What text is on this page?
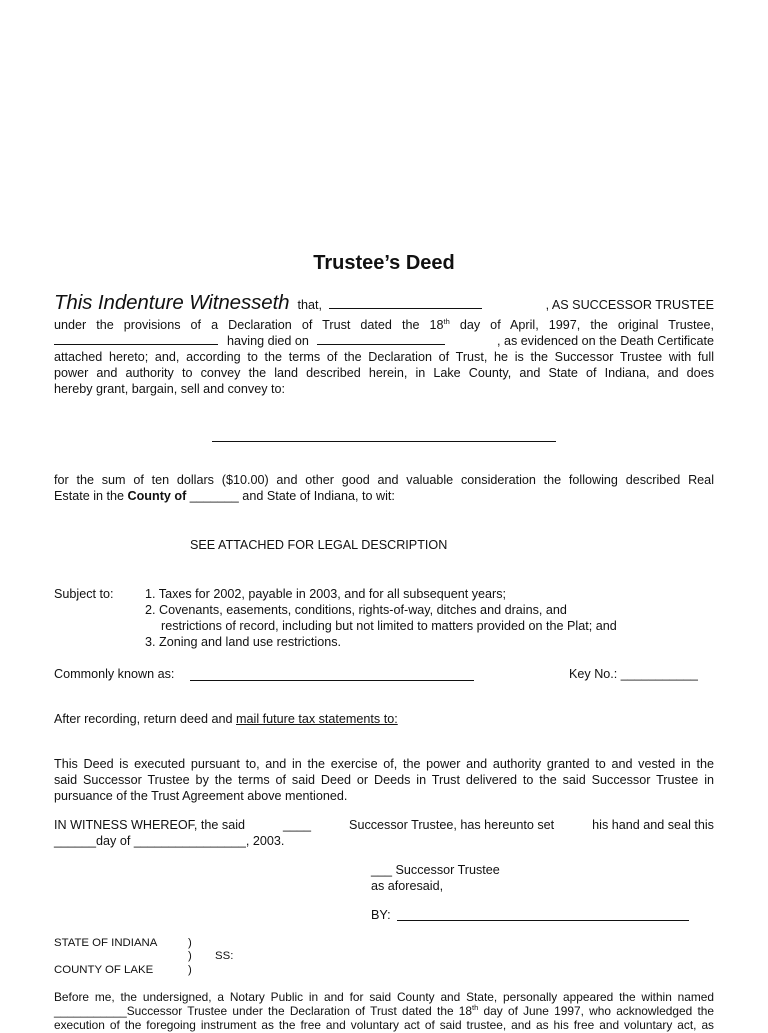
Trustee’s Deed
This Indenture Witnesseth that,	, AS SUCCESSOR TRUSTEE
under the provisions of a Declaration of Trust dated the 18th day of April, 1997, the original Trustee,
having died on	, as evidenced on the Death Certificate
attached hereto; and, according to the terms of the Declaration of Trust, he is the Successor Trustee with full
power and authority to convey the land described herein, in Lake County, and State of Indiana, and does
hereby grant, bargain, sell and convey to:
for the sum of ten dollars ($10.00) and other good and valuable consideration the following described Real
Estate in the County of _______ and State of Indiana, to wit:
SEE ATTACHED FOR LEGAL DESCRIPTION
Subject to: 1. Taxes for 2002, payable in 2003, and for all subsequent years;
2. Covenants, easements, conditions, rights-of-way, ditches and drains, and
restrictions of record, including but not limited to matters provided on the Plat; and
3. Zoning and land use restrictions.
Commonly known as:	Key No.: ___________
After recording, return deed and mail future tax statements to:
This Deed is executed pursuant to, and in the exercise of, the power and authority granted to and vested in the
said Successor Trustee by the terms of said Deed or Deeds in Trust delivered to the said Successor Trustee in
pursuance of the Trust Agreement above mentioned.
IN WITNESS WHEREOF, the said	____	Successor Trustee, has hereunto set	his hand and seal this
______day of ________________, 2003.
___ Successor Trustee
as aforesaid,
BY:
STATE OF INDIANA	)
) SS:
COUNTY OF LAKE	)
Before me, the undersigned, a Notary Public in and for said County and State, personally appeared the within named
___________Successor Trustee under the Declaration of Trust dated the 18th day of June 1997, who acknowledged the
execution of the foregoing instrument as the free and voluntary act of said trustee, and as his free and voluntary act, as
